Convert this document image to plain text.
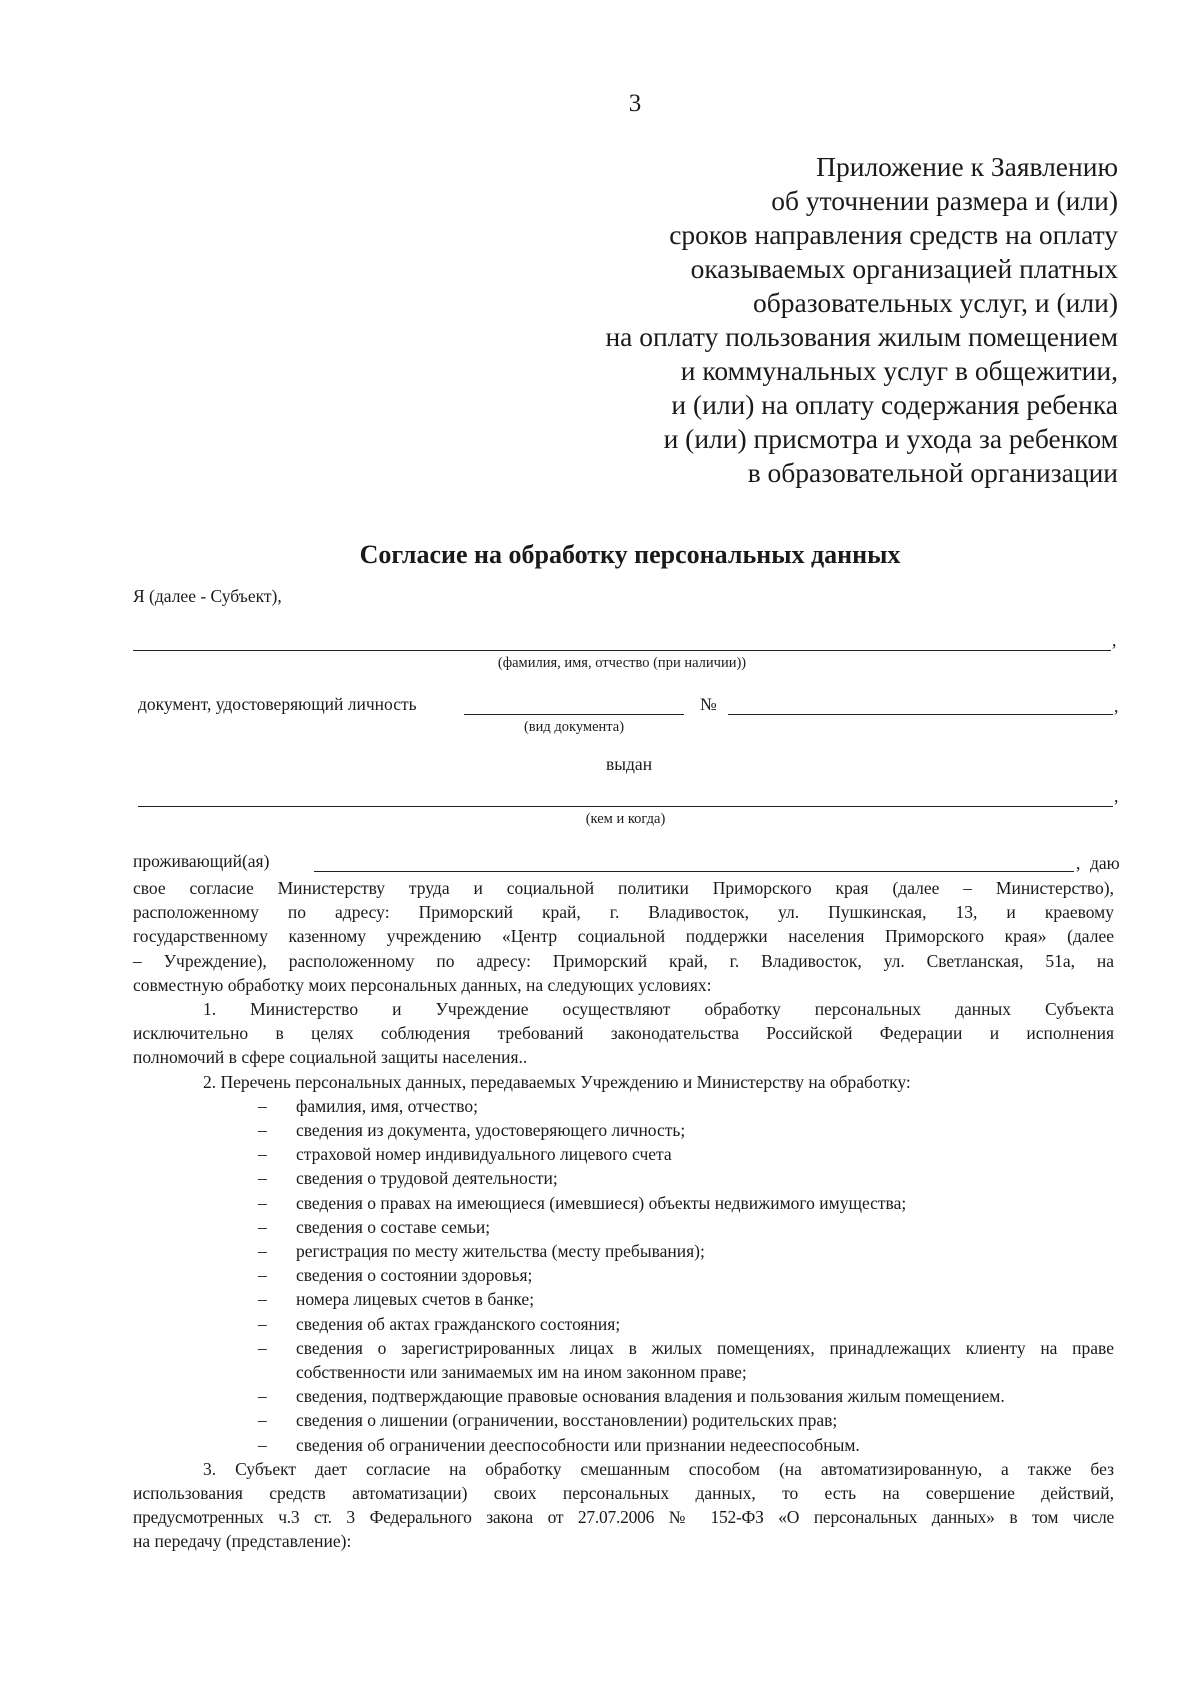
3
Приложение к Заявлению
об уточнении размера и (или)
сроков направления средств на оплату
оказываемых организацией платных
образовательных услуг, и (или)
на оплату пользования жилым помещением
и коммунальных услуг в общежитии,
и (или) на оплату содержания ребенка
и (или) присмотра и ухода за ребенком
в образовательной организации
Согласие на обработку персональных данных
Я (далее - Субъект),
,
(фамилия, имя, отчество (при наличии))
документ, удостоверяющий личность	№	,
(вид документа)
выдан
,
(кем и когда)
проживающий(ая)	, даю
свое согласие Министерству труда и социальной политики Приморского края (далее – Министерство),
расположенному по адресу: Приморский край, г. Владивосток, ул. Пушкинская, 13, и краевому
государственному казенному учреждению «Центр социальной поддержки населения Приморского края» (далее
– Учреждение), расположенному по адресу: Приморский край, г. Владивосток, ул. Светланская, 51а, на
совместную обработку моих персональных данных, на следующих условиях:
1. Министерство и Учреждение осуществляют обработку персональных данных Субъекта
исключительно в целях соблюдения требований законодательства Российской Федерации и исполнения
полномочий в сфере социальной защиты населения..
2. Перечень персональных данных, передаваемых Учреждению и Министерству на обработку:
– фамилия, имя, отчество;
– сведения из документа, удостоверяющего личность;
– страховой номер индивидуального лицевого счета
– сведения о трудовой деятельности;
– сведения о правах на имеющиеся (имевшиеся) объекты недвижимого имущества;
– сведения о составе семьи;
– регистрация по месту жительства (месту пребывания);
– сведения о состоянии здоровья;
– номера лицевых счетов в банке;
– сведения об актах гражданского состояния;
– сведения о зарегистрированных лицах в жилых помещениях, принадлежащих клиенту на праве собственности или занимаемых им на ином законном праве;
– сведения, подтверждающие правовые основания владения и пользования жилым помещением.
– сведения о лишении (ограничении, восстановлении) родительских прав;
– сведения об ограничении дееспособности или признании недееспособным.
3. Субъект дает согласие на обработку смешанным способом (на автоматизированную, а также без
использования средств автоматизации) своих персональных данных, то есть на совершение действий,
предусмотренных ч.3 ст. 3 Федерального закона от 27.07.2006 № 152-ФЗ «О персональных данных» в том числе
на передачу (представление):
